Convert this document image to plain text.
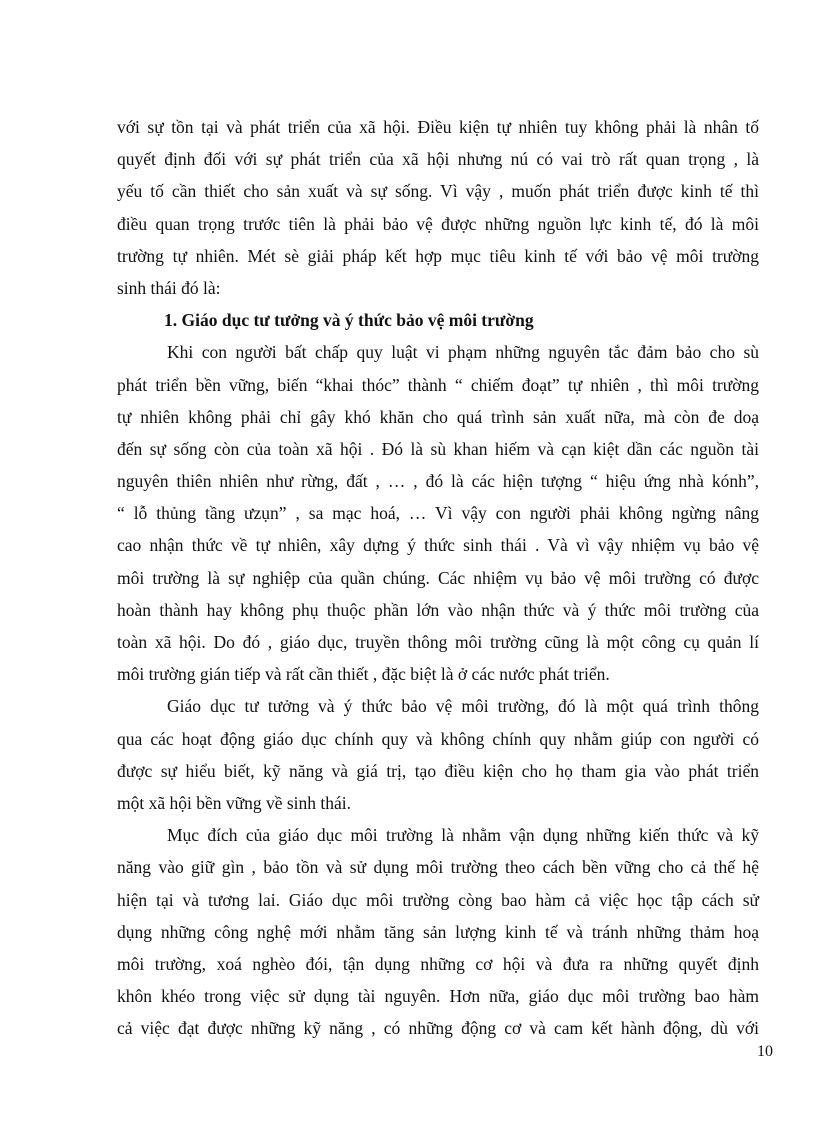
với sự tồn tại và phát triển của xã hội. Điều kiện tự nhiên tuy không phải là nhân tố
quyết định đối với sự phát triển của xã hội nhưng nú có vai trò rất quan trọng , là
yếu tố cần thiết cho sản xuất và sự sống. Vì vậy , muốn phát triển được kinh tế thì
điều quan trọng trước tiên là phải bảo vệ được những nguồn lực kinh tế, đó là môi
trường tự nhiên. Mét sè giải pháp kết hợp mục tiêu kinh tế với bảo vệ môi trường
sinh thái đó là:
1. Giáo dục tư tưởng và ý thức bảo vệ môi trường
Khi con người bất chấp quy luật vi phạm những nguyên tắc đảm bảo cho sù
phát triển bền vững, biến “khai thóc” thành “ chiếm đoạt” tự nhiên , thì môi trường
tự nhiên không phải chỉ gây khó khăn cho quá trình sản xuất nữa, mà còn đe doạ
đến sự sống còn của toàn xã hội . Đó là sù khan hiếm và cạn kiệt dần các nguồn tài
nguyên thiên nhiên như rừng, đất , … , đó là các hiện tượng “ hiệu ứng nhà kónh”,
“ lỗ thủng tầng ưzụn” , sa mạc hoá, … Vì vậy con người phải không ngừng nâng
cao nhận thức về tự nhiên, xây dựng ý thức sinh thái . Và vì vậy nhiệm vụ bảo vệ
môi trường là sự nghiệp của quần chúng. Các nhiệm vụ bảo vệ môi trường có được
hoàn thành hay không phụ thuộc phần lớn vào nhận thức và ý thức môi trường của
toàn xã hội. Do đó , giáo dục, truyền thông môi trường cũng là một công cụ quản lí
môi trường gián tiếp và rất cần thiết , đặc biệt là ở các nước phát triển.
Giáo dục tư tưởng và ý thức bảo vệ môi trường, đó là một quá trình thông
qua các hoạt động giáo dục chính quy và không chính quy nhằm giúp con người có
được sự hiểu biết, kỹ năng và giá trị, tạo điều kiện cho họ tham gia vào phát triển
một xã hội bền vững về sinh thái.
Mục đích của giáo dục môi trường là nhằm vận dụng những kiến thức và kỹ
năng vào giữ gìn , bảo tồn và sử dụng môi trường theo cách bền vững cho cả thế hệ
hiện tại và tương lai. Giáo dục môi trường còng bao hàm cả việc học tập cách sử
dụng những công nghệ mới nhằm tăng sản lượng kinh tế và tránh những thảm hoạ
môi trường, xoá nghèo đói, tận dụng những cơ hội và đưa ra những quyết định
khôn khéo trong việc sử dụng tài nguyên. Hơn nữa, giáo dục môi trường bao hàm
cả việc đạt được những kỹ năng , có những động cơ và cam kết hành động, dù với
10
